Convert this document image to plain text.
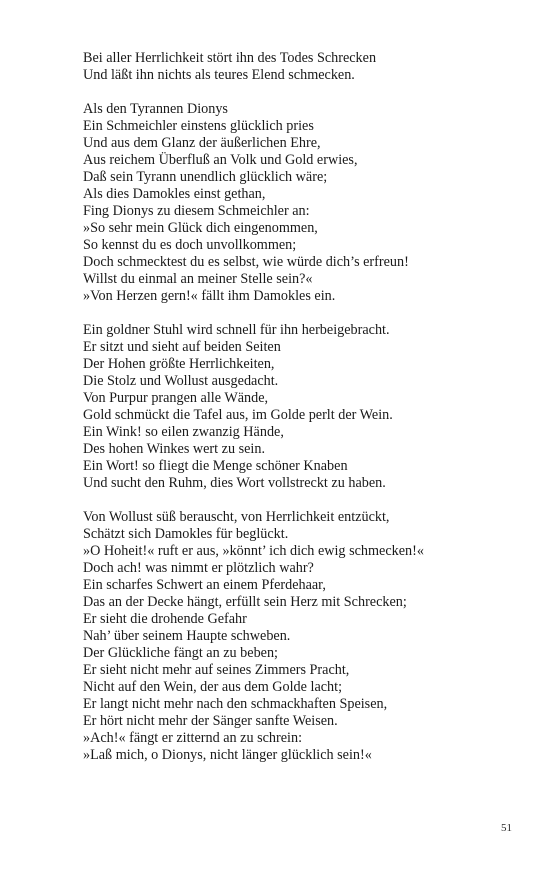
Bei aller Herrlichkeit stört ihn des Todes Schrecken
Und läßt ihn nichts als teures Elend schmecken.
Als den Tyrannen Dionys
Ein Schmeichler einstens glücklich pries
Und aus dem Glanz der äußerlichen Ehre,
Aus reichem Überfluß an Volk und Gold erwies,
Daß sein Tyrann unendlich glücklich wäre;
Als dies Damokles einst gethan,
Fing Dionys zu diesem Schmeichler an:
»So sehr mein Glück dich eingenommen,
So kennst du es doch unvollkommen;
Doch schmecktest du es selbst, wie würde dich’s erfreun!
Willst du einmal an meiner Stelle sein?«
»Von Herzen gern!« fällt ihm Damokles ein.
Ein goldner Stuhl wird schnell für ihn herbeigebracht.
Er sitzt und sieht auf beiden Seiten
Der Hohen größte Herrlichkeiten,
Die Stolz und Wollust ausgedacht.
Von Purpur prangen alle Wände,
Gold schmückt die Tafel aus, im Golde perlt der Wein.
Ein Wink! so eilen zwanzig Hände,
Des hohen Winkes wert zu sein.
Ein Wort! so fliegt die Menge schöner Knaben
Und sucht den Ruhm, dies Wort vollstreckt zu haben.
Von Wollust süß berauscht, von Herrlichkeit entzückt,
Schätzt sich Damokles für beglückt.
»O Hoheit!« ruft er aus, »könnt’ ich dich ewig schmecken!«
Doch ach! was nimmt er plötzlich wahr?
Ein scharfes Schwert an einem Pferdehaar,
Das an der Decke hängt, erfüllt sein Herz mit Schrecken;
Er sieht die drohende Gefahr
Nah’ über seinem Haupte schweben.
Der Glückliche fängt an zu beben;
Er sieht nicht mehr auf seines Zimmers Pracht,
Nicht auf den Wein, der aus dem Golde lacht;
Er langt nicht mehr nach den schmackhaften Speisen,
Er hört nicht mehr der Sänger sanfte Weisen.
»Ach!« fängt er zitternd an zu schrein:
»Laß mich, o Dionys, nicht länger glücklich sein!«
51
